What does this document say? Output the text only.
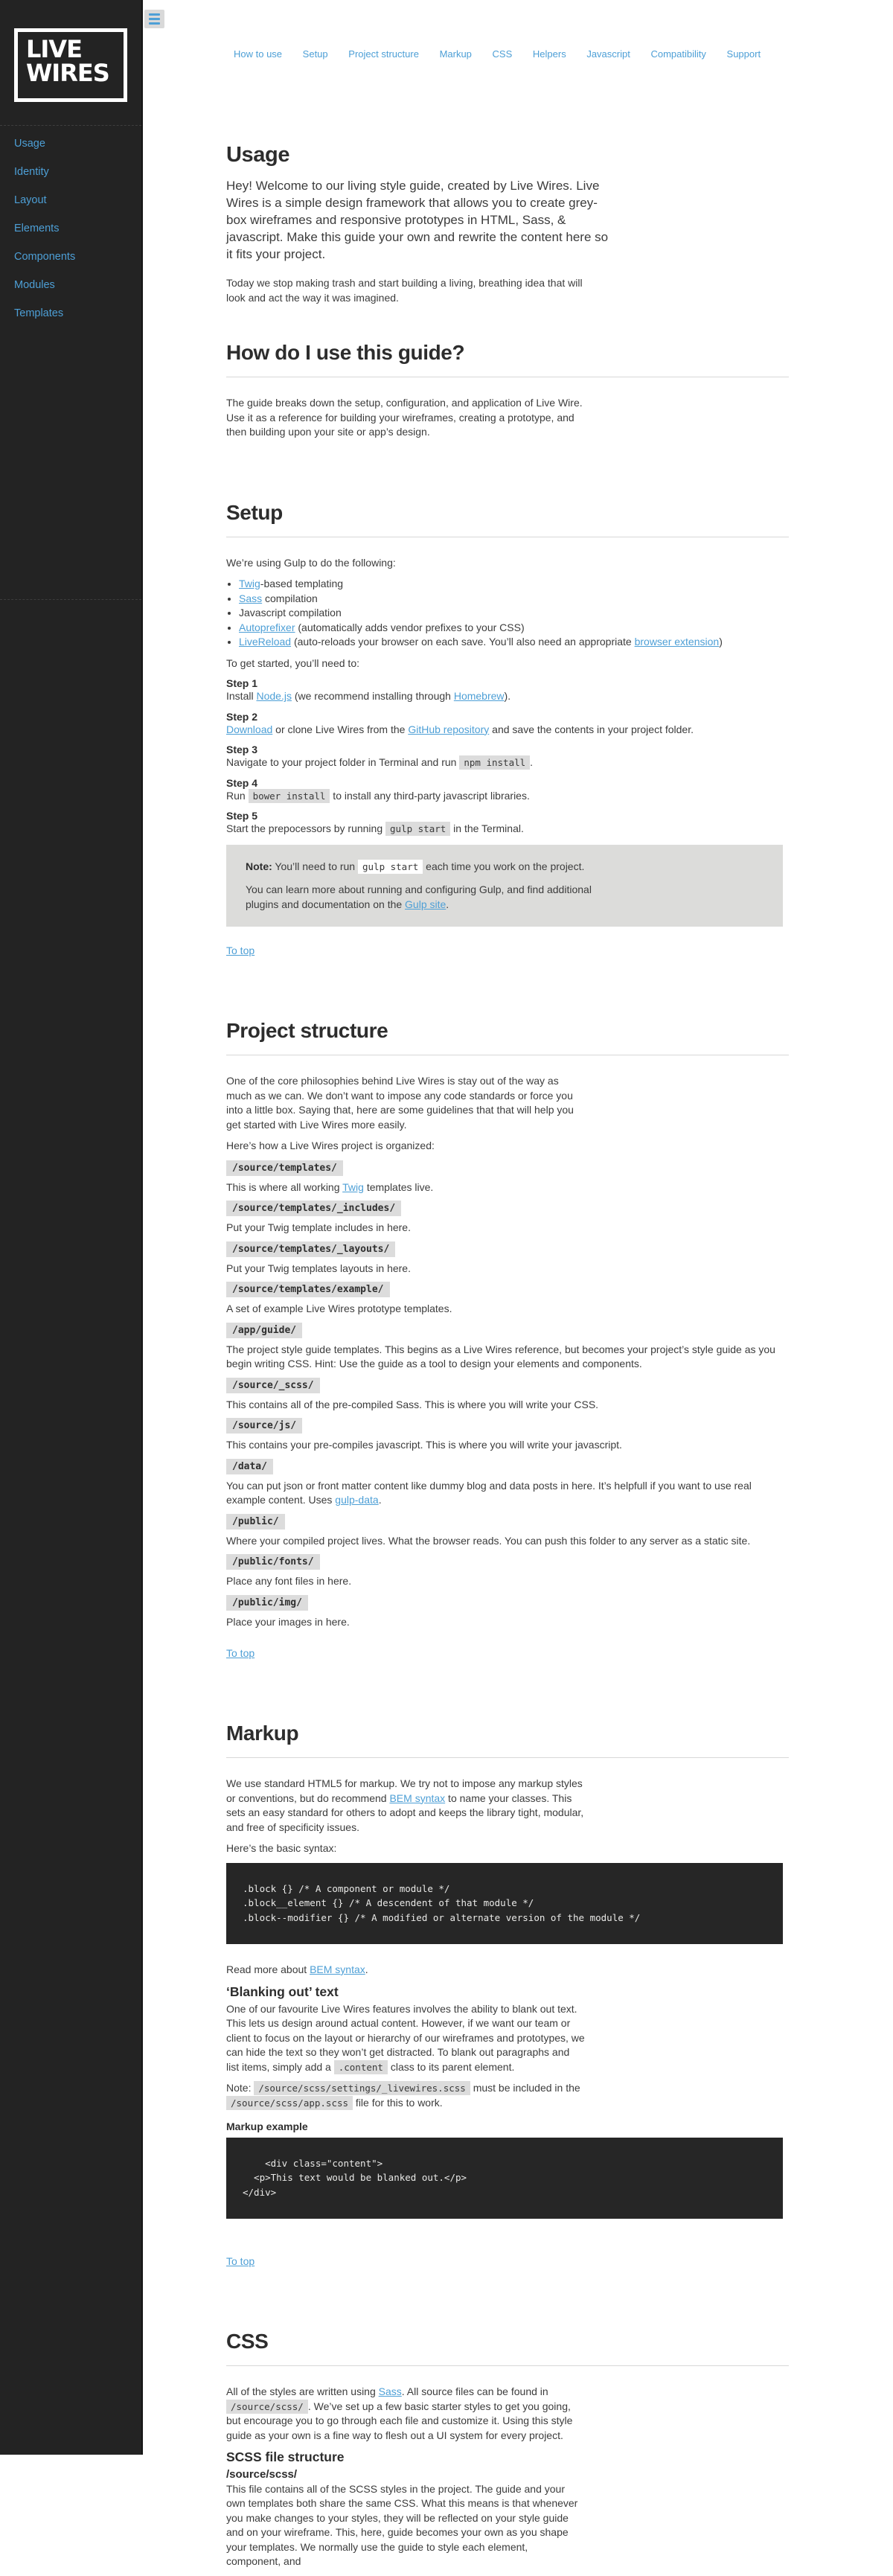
LIVE
WIRES
Usage
Identity
Layout
Elements
Components
Modules
Templates
How to use Setup Project structure Markup CSS Helpers Javascript Compatibility Support
Usage

Hey! Welcome to our living style guide, created by Live Wires. Live Wires is a simple design framework that allows you to create grey-box wireframes and responsive prototypes in HTML, Sass, & javascript. Make this guide your own and rewrite the content here so it fits your project.

Today we stop making trash and start building a living, breathing idea that will look and act the way it was imagined.

How do I use this guide?

The guide breaks down the setup, configuration, and application of Live Wire. Use it as a reference for building your wireframes, creating a prototype, and then building upon your site or app’s design.

Setup

We’re using Gulp to do the following:

• Twig-based templating
• Sass compilation
• Javascript compilation
• Autoprefixer (automatically adds vendor prefixes to your CSS)
• LiveReload (auto-reloads your browser on each save. You’ll also need an appropriate browser extension)

To get started, you’ll need to:

Step 1

Install Node.js (we recommend installing through Homebrew).

Step 2

Download or clone Live Wires from the GitHub repository and save the contents in your project folder.

Step 3

Navigate to your project folder in Terminal and run npm install .

Step 4

Run bower install to install any third-party javascript libraries.

Step 5

Start the prepocessors by running gulp start in the Terminal.

Note: You’ll need to run gulp start each time you work on the project.

You can learn more about running and configuring Gulp, and find additional plugins and documentation on the Gulp site.

To top
Project structure

One of the core philosophies behind Live Wires is stay out of the way as much as we can. We don’t want to impose any code standards or force you into a little box. Saying that, here are some guidelines that that will help you get started with Live Wires more easily.

Here’s how a Live Wires project is organized:

/source/templates/

This is where all working Twig templates live.

/source/templates/_includes/

Put your Twig template includes in here.

/source/templates/_layouts/

Put your Twig templates layouts in here.

/source/templates/example/

A set of example Live Wires prototype templates.

/app/guide/

The project style guide templates. This begins as a Live Wires reference, but becomes your project’s style guide as you begin writing CSS. Hint: Use the guide as a tool to design your elements and components.

/source/_scss/

This contains all of the pre-compiled Sass. This is where you will write your CSS.

/source/js/

This contains your pre-compiles javascript. This is where you will write your javascript.

/data/

You can put json or front matter content like dummy blog and data posts in here. It’s helpfull if you want to use real example content. Uses gulp-data.

/public/

Where your compiled project lives. What the browser reads. You can push this folder to any server as a static site.

/public/fonts/

Place any font files in here.

/public/img/

Place your images in here.

To top
Markup

We use standard HTML5 for markup. We try not to impose any markup styles or conventions, but do recommend BEM syntax to name your classes. This sets an easy standard for others to adopt and keeps the library tight, modular, and free of specificity issues.

Here’s the basic syntax:

.block {} /* A component or module */
.block__element {} /* A descendent of that module */
.block--modifier {} /* A modified or alternate version of the module */

Read more about BEM syntax.

‘Blanking out’ text

One of our favourite Live Wires features involves the ability to blank out text. This lets us design around actual content. However, if we want our team or client to focus on the layout or hierarchy of our wireframes and prototypes, we can hide the text so they won’t get distracted. To blank out paragraphs and list items, simply add a .content class to its parent element.

Note: /source/scss/settings/_livewires.scss must be included in the /source/scss/app.scss file for this to work.

Markup example

<div class="content">
<p>This text would be blanked out.</p>
</div>
To top
CSS

All of the styles are written using Sass. All source files can be found in /source/scss/ . We’ve set up a few basic starter styles to get you going, but encourage you to go through each file and customize it. Using this style guide as your own is a fine way to flesh out a UI system for every project.

SCSS file structure

/source/scss/

This file contains all of the SCSS styles in the project. The guide and your own templates both share the same CSS. What this means is that whenever you make changes to your styles, they will be reflected on your style guide and on your wireframe. This, here, guide becomes your own as you shape your templates. We normally use the guide to style each element, component, and
